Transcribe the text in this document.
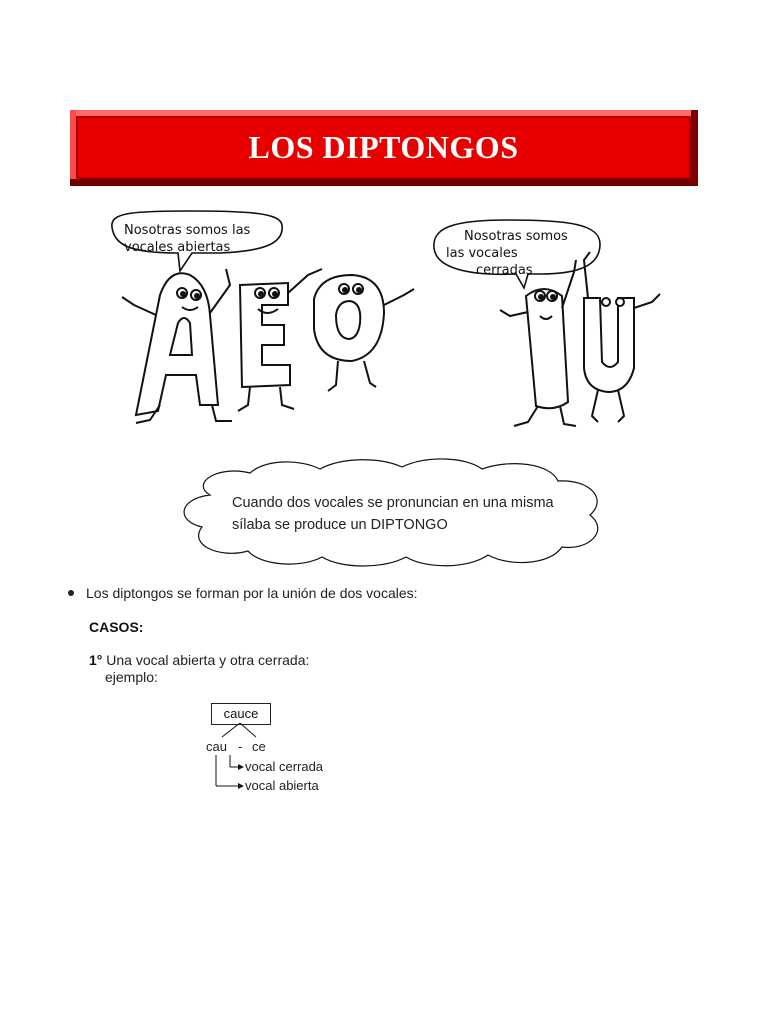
LOS DIPTONGOS
Nosotras somos las
vocales abiertas
Nosotras somos
las vocales
cerradas
Cuando dos vocales se pronuncian en una misma
sílaba se produce un DIPTONGO
Los diptongos se forman por la unión de dos vocales:
CASOS:
1° Una vocal abierta y otra cerrada:
ejemplo:
cauce
cau - ce
vocal cerrada
vocal abierta
